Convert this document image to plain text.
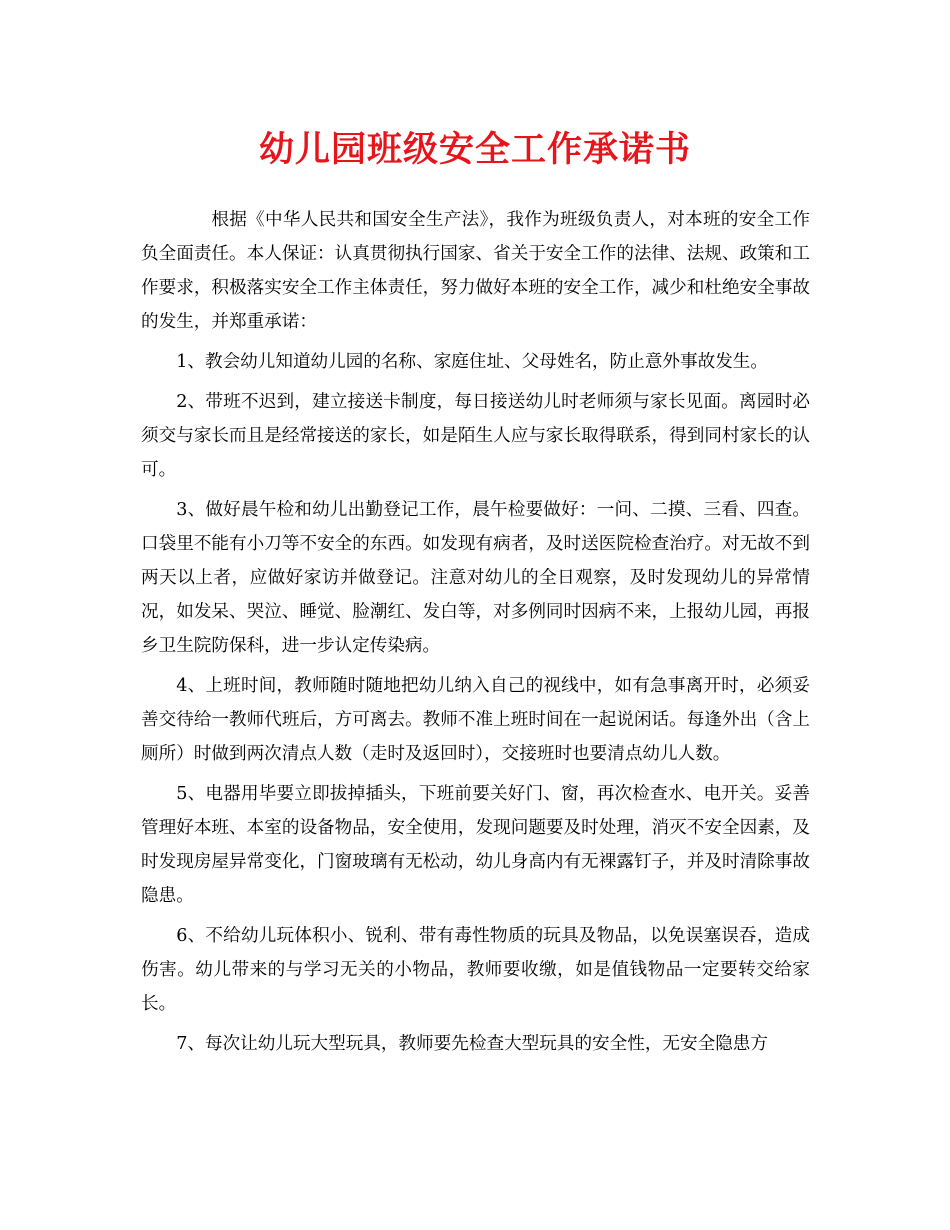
幼儿园班级安全工作承诺书

根据《中华人民共和国安全生产法》，我作为班级负责人，对本班的安全工作负全面责任。本人保证：认真贯彻执行国家、省关于安全工作的法律、法规、政策和工作要求，积极落实安全工作主体责任，努力做好本班的安全工作，减少和杜绝安全事故的发生，并郑重承诺：

1、教会幼儿知道幼儿园的名称、家庭住址、父母姓名，防止意外事故发生。

2、带班不迟到，建立接送卡制度，每日接送幼儿时老师须与家长见面。离园时必须交与家长而且是经常接送的家长，如是陌生人应与家长取得联系，得到同村家长的认可。

3、做好晨午检和幼儿出勤登记工作，晨午检要做好：一问、二摸、三看、四查。口袋里不能有小刀等不安全的东西。如发现有病者，及时送医院检查治疗。对无故不到两天以上者，应做好家访并做登记。注意对幼儿的全日观察，及时发现幼儿的异常情况，如发呆、哭泣、睡觉、脸潮红、发白等，对多例同时因病不来，上报幼儿园，再报乡卫生院防保科，进一步认定传染病。

4、上班时间，教师随时随地把幼儿纳入自己的视线中，如有急事离开时，必须妥善交待给一教师代班后，方可离去。教师不准上班时间在一起说闲话。每逢外出（含上厕所）时做到两次清点人数（走时及返回时），交接班时也要清点幼儿人数。

5、电器用毕要立即拔掉插头，下班前要关好门、窗，再次检查水、电开关。妥善管理好本班、本室的设备物品，安全使用，发现问题要及时处理，消灭不安全因素，及时发现房屋异常变化，门窗玻璃有无松动，幼儿身高内有无裸露钉子，并及时清除事故隐患。

6、不给幼儿玩体积小、锐利、带有毒性物质的玩具及物品，以免误塞误吞，造成伤害。幼儿带来的与学习无关的小物品，教师要收缴，如是值钱物品一定要转交给家长。

7、每次让幼儿玩大型玩具，教师要先检查大型玩具的安全性，无安全隐患方
